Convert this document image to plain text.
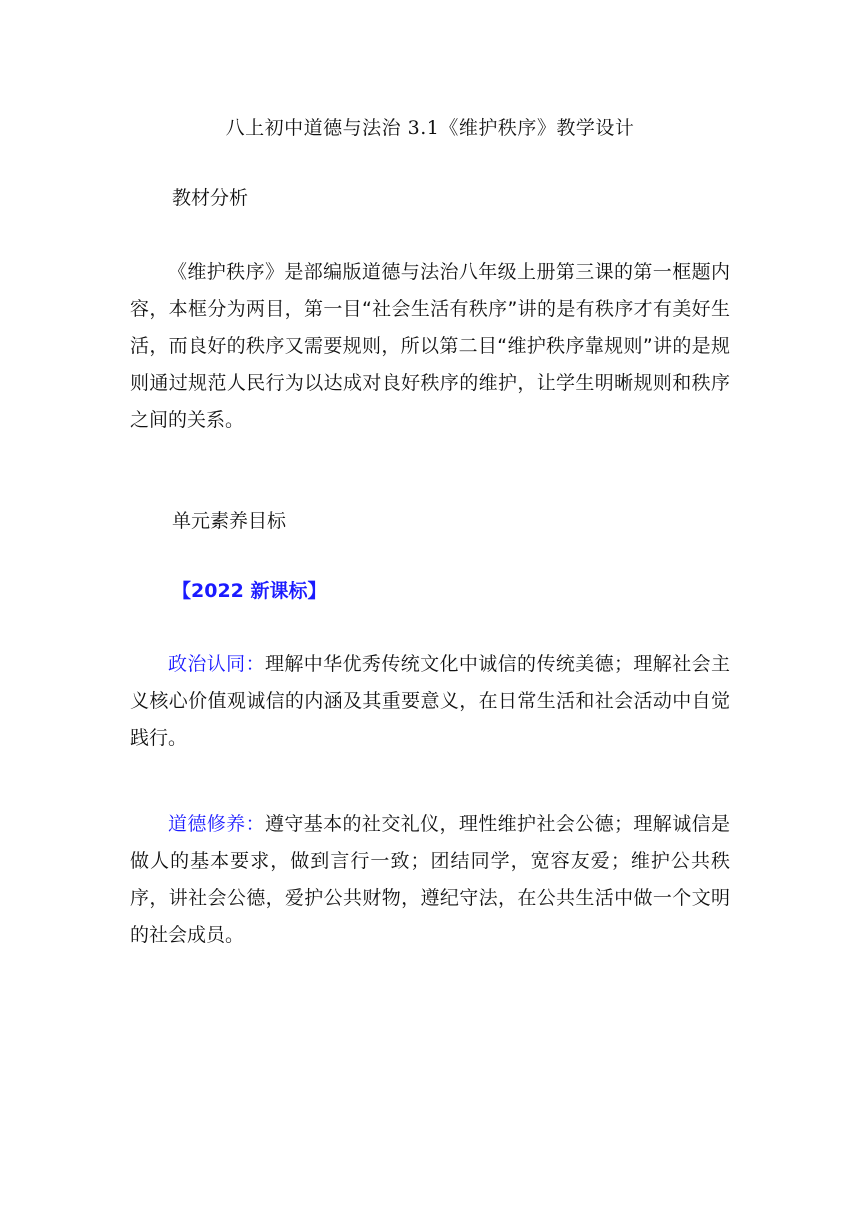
八上初中道德与法治 3.1《维护秩序》教学设计
教材分析

《维护秩序》是部编版道德与法治八年级上册第三课的第一框题内容，本框分为两目，第一目“社会生活有秩序”讲的是有秩序才有美好生活，而良好的秩序又需要规则，所以第二目“维护秩序靠规则”讲的是规则通过规范人民行为以达成对良好秩序的维护，让学生明晰规则和秩序之间的关系。

单元素养目标
【2022 新课标】

政治认同：理解中华优秀传统文化中诚信的传统美德；理解社会主义核心价值观诚信的内涵及其重要意义，在日常生活和社会活动中自觉践行。

道德修养：遵守基本的社交礼仪，理性维护社会公德；理解诚信是做人的基本要求，做到言行一致；团结同学，宽容友爱；维护公共秩序，讲社会公德，爱护公共财物，遵纪守法，在公共生活中做一个文明的社会成员。
